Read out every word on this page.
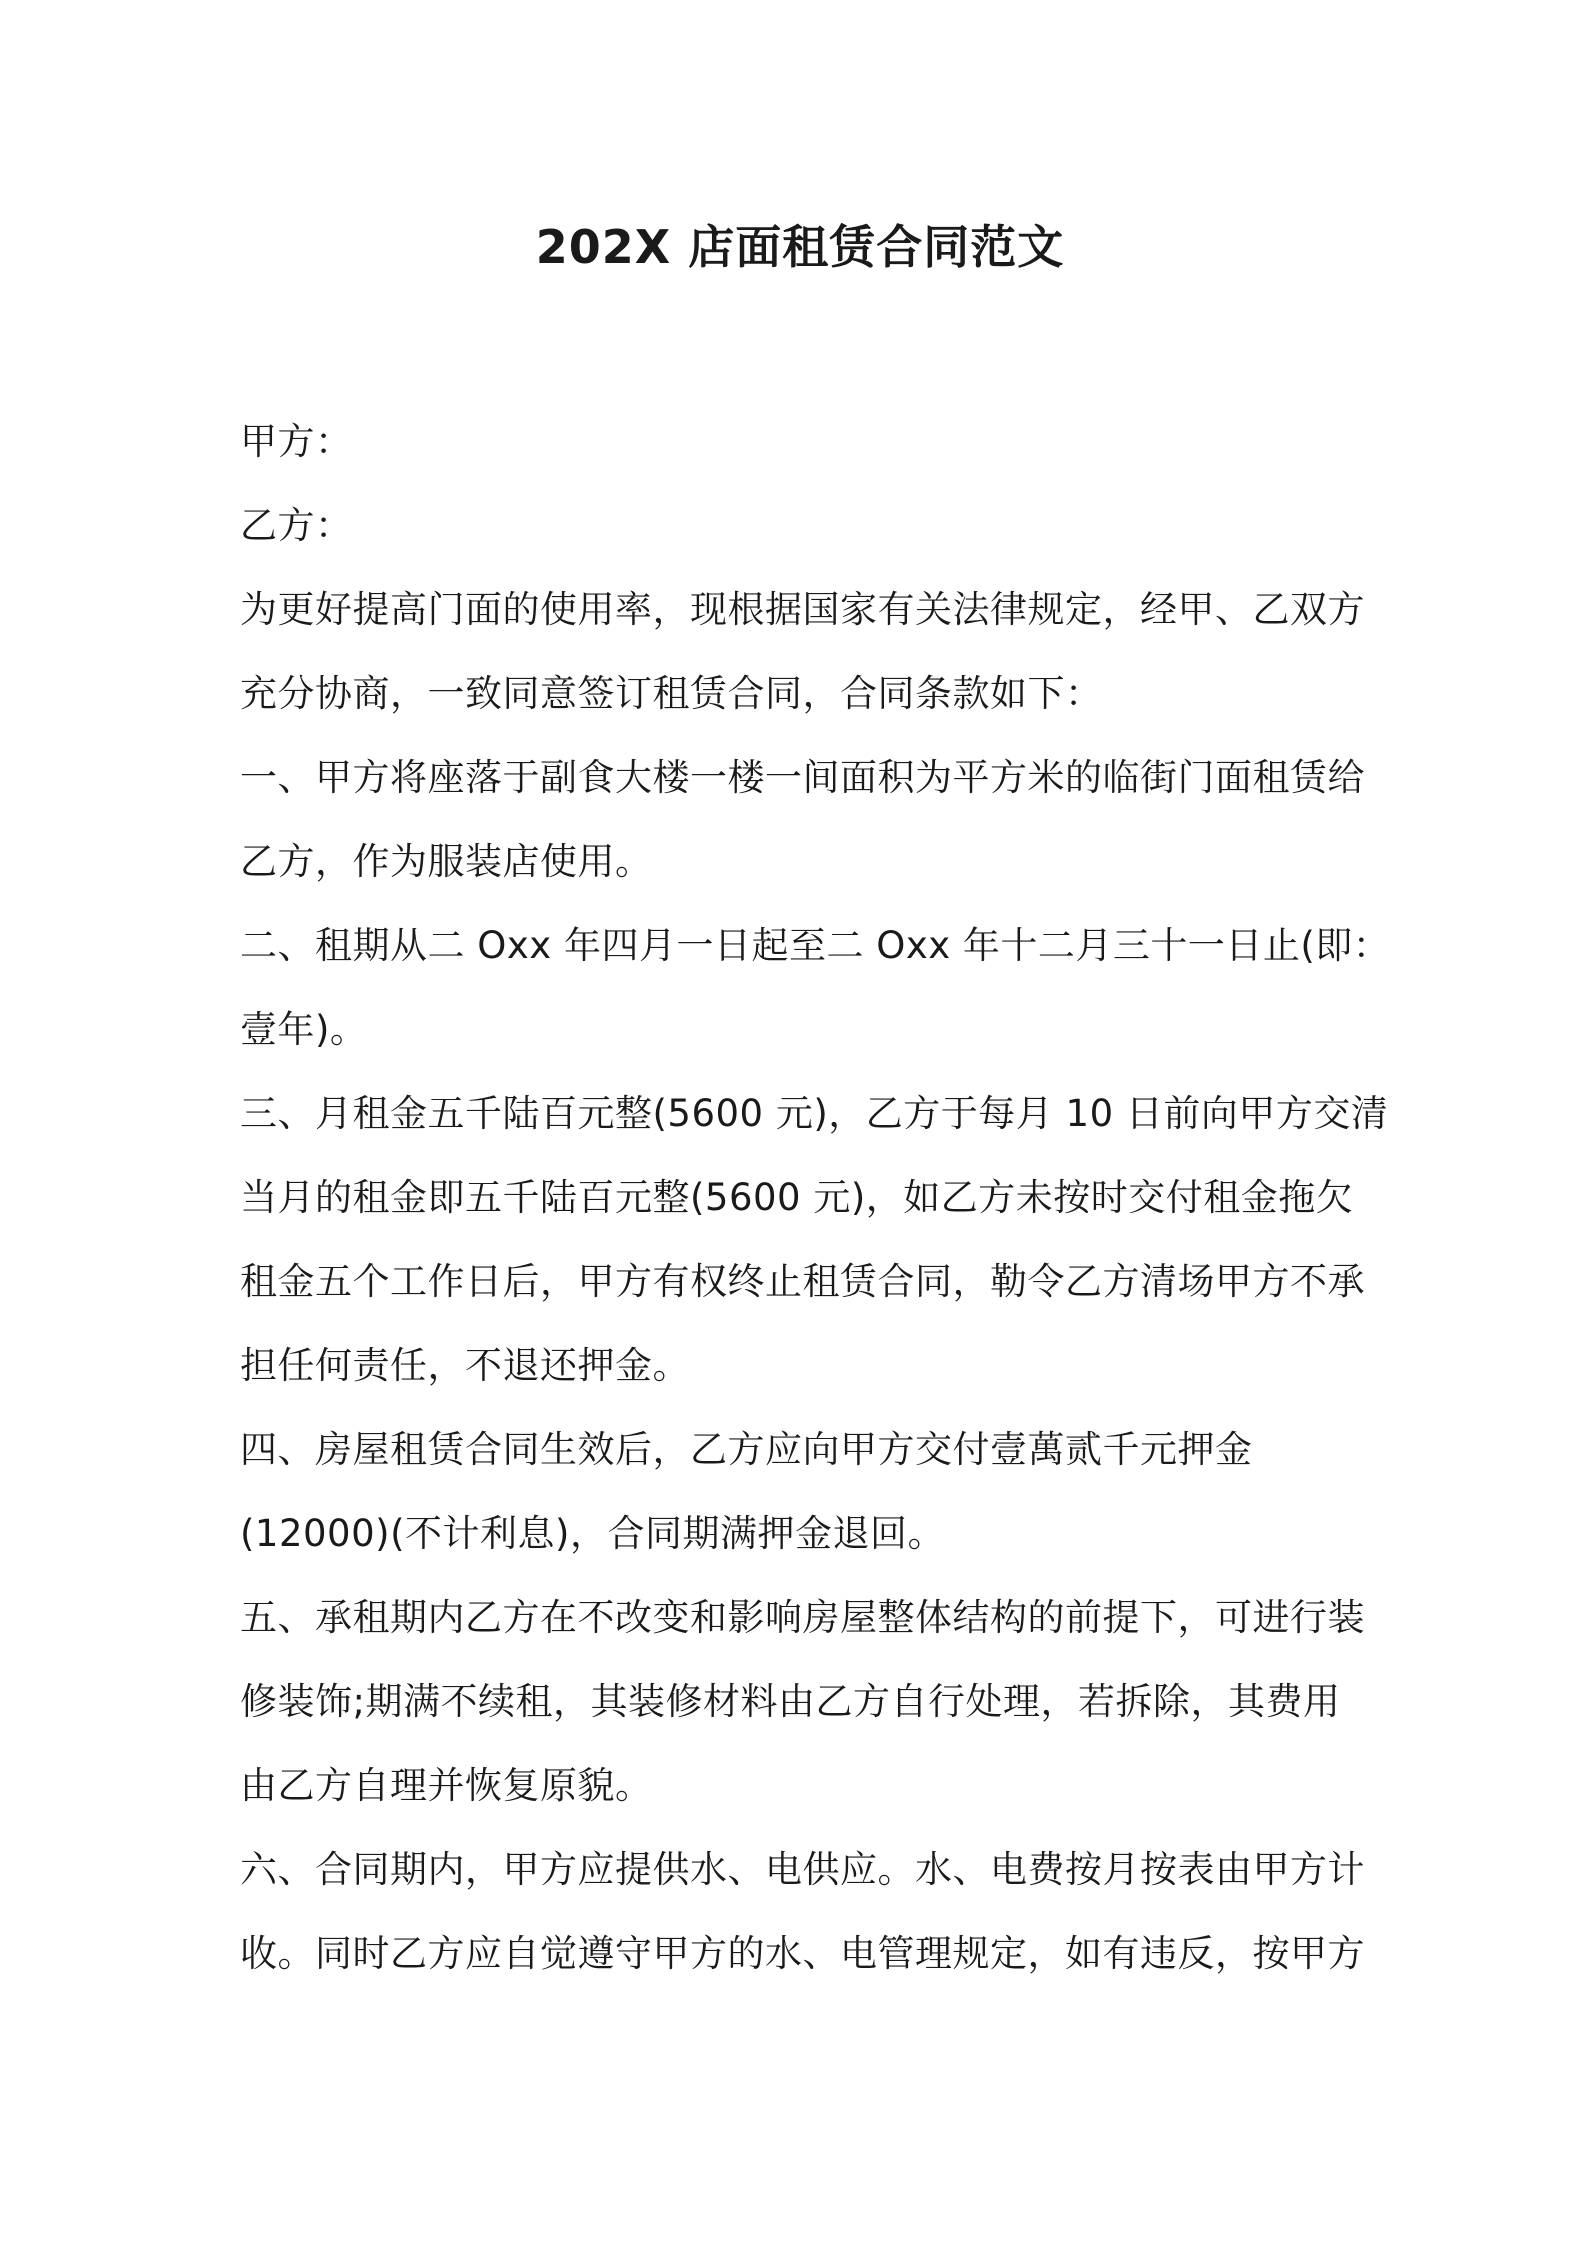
202X 店面租赁合同范文
甲方：
乙方：
为更好提高门面的使用率，现根据国家有关法律规定，经甲、乙双方
充分协商，一致同意签订租赁合同，合同条款如下：
一、甲方将座落于副食大楼一楼一间面积为平方米的临街门面租赁给
乙方，作为服装店使用。
二、租期从二 Oxx 年四月一日起至二 Oxx 年十二月三十一日止(即：
壹年)。
三、月租金五千陆百元整(5600 元)，乙方于每月 10 日前向甲方交清
当月的租金即五千陆百元整(5600 元)，如乙方未按时交付租金拖欠
租金五个工作日后，甲方有权终止租赁合同，勒令乙方清场甲方不承
担任何责任，不退还押金。
四、房屋租赁合同生效后，乙方应向甲方交付壹萬贰千元押金
(12000)(不计利息)，合同期满押金退回。
五、承租期内乙方在不改变和影响房屋整体结构的前提下，可进行装
修装饰;期满不续租，其装修材料由乙方自行处理，若拆除，其费用
由乙方自理并恢复原貌。
六、合同期内，甲方应提供水、电供应。水、电费按月按表由甲方计
收。同时乙方应自觉遵守甲方的水、电管理规定，如有违反，按甲方
